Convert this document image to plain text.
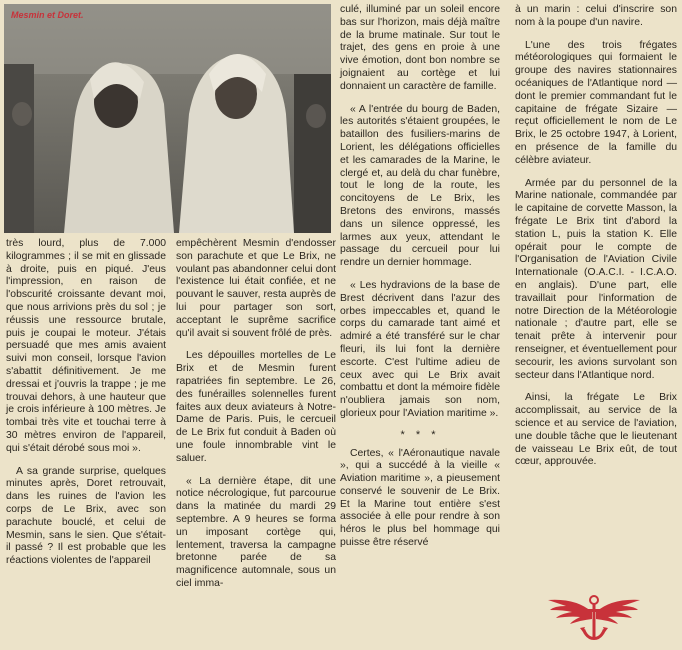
Mesmin et Doret.

très lourd, plus de 7.000 kilogrammes ; il se mit en glissade à droite, puis en piqué. J'eus l'impression, en raison de l'obscurité croissante devant moi, que nous arrivions près du sol ; je réussis une ressource brutale, puis je coupai le moteur. J'étais persuadé que mes amis avaient suivi mon conseil, lorsque l'avion s'abattit définitivement. Je me dressai et j'ouvris la trappe ; je me trouvai dehors, à une hauteur que je crois inférieure à 100 mètres. Je tombai très vite et touchai terre à 30 mètres environ de l'appareil, qui s'était dérobé sous moi ».

A sa grande surprise, quelques minutes après, Doret retrouvait, dans les ruines de l'avion les corps de Le Brix, avec son parachute bouclé, et celui de Mesmin, sans le sien. Que s'était-il passé ? Il est probable que les réactions violentes de l'appareil

empêchèrent Mesmin d'endosser son parachute et que Le Brix, ne voulant pas abandonner celui dont l'existence lui était confiée, et ne pouvant le sauver, resta auprès de lui pour partager son sort, acceptant le suprême sacrifice qu'il avait si souvent frôlé de près.

Les dépouilles mortelles de Le Brix et de Mesmin furent rapatriées fin septembre. Le 26, des funérailles solennelles furent faites aux deux aviateurs à Notre-Dame de Paris. Puis, le cercueil de Le Brix fut conduit à Baden où une foule innombrable vint le saluer.

« La dernière étape, dit une notice nécrologique, fut parcourue dans la matinée du mardi 29 septembre. A 9 heures se forma un imposant cortège qui, lentement, traversa la campagne bretonne parée de sa magnificence automnale, sous un ciel imma-

culé, illuminé par un soleil encore bas sur l'horizon, mais déjà maître de la brume matinale. Sur tout le trajet, des gens en proie à une vive émotion, dont bon nombre se joignaient au cortège et lui donnaient un caractère de famille.

« A l'entrée du bourg de Baden, les autorités s'étaient groupées, le bataillon des fusiliers-marins de Lorient, les délégations officielles et les camarades de la Marine, le clergé et, au delà du char funèbre, tout le long de la route, les concitoyens de Le Brix, les Bretons des environs, massés dans un silence oppressé, les larmes aux yeux, attendant le passage du cercueil pour lui rendre un dernier hommage.

« Les hydravions de la base de Brest décrivent dans l'azur des orbes impeccables et, quand le corps du camarade tant aimé et admiré a été transféré sur le char fleuri, ils lui font la dernière escorte. C'est l'ultime adieu de ceux avec qui Le Brix avait combattu et dont la mémoire fidèle n'oubliera jamais son nom, glorieux pour l'Aviation maritime ».

* * *

Certes, « l'Aéronautique navale », qui a succédé à la vieille « Aviation maritime », a pieusement conservé le souvenir de Le Brix. Et la Marine tout entière s'est associée à elle pour rendre à son héros le plus bel hommage qui puisse être réservé

à un marin : celui d'inscrire son nom à la poupe d'un navire.

L'une des trois frégates météorologiques qui formaient le groupe des navires stationnaires océaniques de l'Atlantique nord — dont le premier commandant fut le capitaine de frégate Sizaire — reçut officiellement le nom de Le Brix, le 25 octobre 1947, à Lorient, en présence de la famille du célèbre aviateur.

Armée par du personnel de la Marine nationale, commandée par le capitaine de corvette Masson, la frégate Le Brix tint d'abord la station L, puis la station K. Elle opérait pour le compte de l'Organisation de l'Aviation Civile Internationale (O.A.C.I. - I.C.A.O. en anglais). D'une part, elle travaillait pour l'information de notre Direction de la Météorologie nationale ; d'autre part, elle se tenait prête à intervenir pour renseigner, et éventuellement pour secourir, les avions survolant son secteur dans l'Atlantique nord.

Ainsi, la frégate Le Brix accomplissait, au service de la science et au service de l'aviation, une double tâche que le lieutenant de vaisseau Le Brix eût, de tout cœur, approuvée.
